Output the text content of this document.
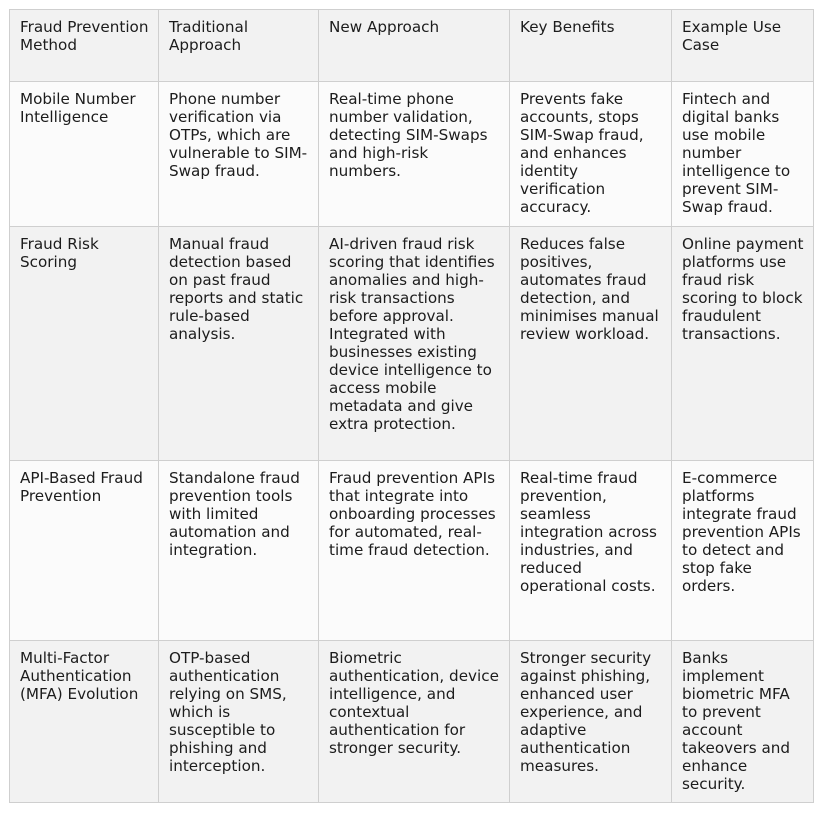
Fraud Prevention Method	Traditional Approach	New Approach	Key Benefits	Example Use Case
Mobile Number Intelligence	Phone number verification via OTPs, which are vulnerable to SIM-Swap fraud.	Real-time phone number validation, detecting SIM-Swaps and high-risk numbers.	Prevents fake accounts, stops SIM-Swap fraud, and enhances identity verification accuracy.	Fintech and digital banks use mobile number intelligence to prevent SIM-Swap fraud.
Fraud Risk Scoring	Manual fraud detection based on past fraud reports and static rule-based analysis.	AI-driven fraud risk scoring that identifies anomalies and high-risk transactions before approval. Integrated with businesses existing device intelligence to access mobile metadata and give extra protection.	Reduces false positives, automates fraud detection, and minimises manual review workload.	Online payment platforms use fraud risk scoring to block fraudulent transactions.
API-Based Fraud Prevention	Standalone fraud prevention tools with limited automation and integration.	Fraud prevention APIs that integrate into onboarding processes for automated, real-time fraud detection.	Real-time fraud prevention, seamless integration across industries, and reduced operational costs.	E-commerce platforms integrate fraud prevention APIs to detect and stop fake orders.
Multi-Factor Authentication (MFA) Evolution	OTP-based authentication relying on SMS, which is susceptible to phishing and interception.	Biometric authentication, device intelligence, and contextual authentication for stronger security.	Stronger security against phishing, enhanced user experience, and adaptive authentication measures.	Banks implement biometric MFA to prevent account takeovers and enhance security.
